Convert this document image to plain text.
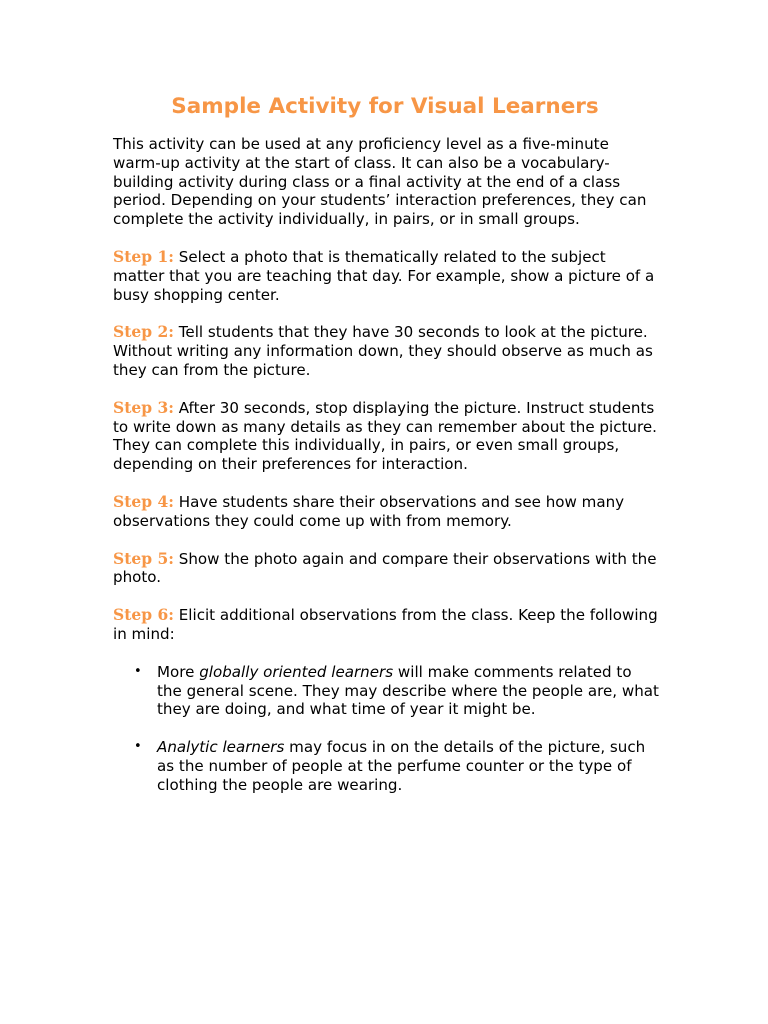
Sample Activity for Visual Learners

This activity can be used at any proficiency level as a five-minute warm-up activity at the start of class. It can also be a vocabulary-building activity during class or a final activity at the end of a class period. Depending on your students’ interaction preferences, they can complete the activity individually, in pairs, or in small groups.

Step 1: Select a photo that is thematically related to the subject matter that you are teaching that day. For example, show a picture of a busy shopping center.

Step 2: Tell students that they have 30 seconds to look at the picture. Without writing any information down, they should observe as much as they can from the picture.

Step 3: After 30 seconds, stop displaying the picture. Instruct students to write down as many details as they can remember about the picture. They can complete this individually, in pairs, or even small groups, depending on their preferences for interaction.

Step 4: Have students share their observations and see how many observations they could come up with from memory.

Step 5: Show the photo again and compare their observations with the photo.

Step 6: Elicit additional observations from the class. Keep the following in mind:

• More globally oriented learners will make comments related to the general scene. They may describe where the people are, what they are doing, and what time of year it might be.
• Analytic learners may focus in on the details of the picture, such as the number of people at the perfume counter or the type of clothing the people are wearing.
